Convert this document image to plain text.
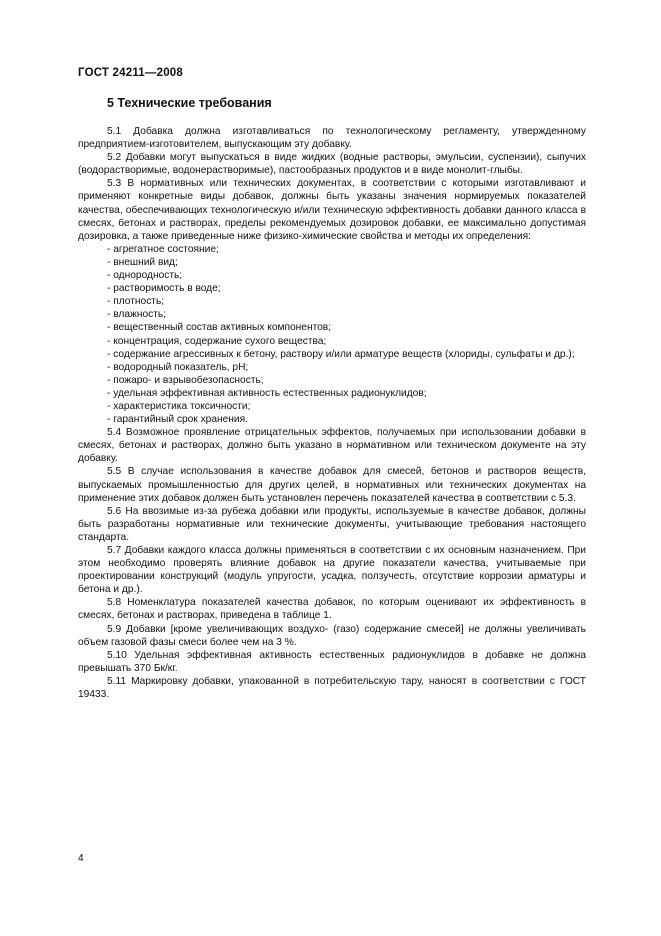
ГОСТ 24211—2008
5 Технические требования

5.1 Добавка должна изготавливаться по технологическому регламенту, утвержденному предприятием-изготовителем, выпускающим эту добавку.

5.2 Добавки могут выпускаться в виде жидких (водные растворы, эмульсии, суспензии), сыпучих (водорастворимые, водонерастворимые), пастообразных продуктов и в виде монолит-глыбы.

5.3 В нормативных или технических документах, в соответствии с которыми изготавливают и применяют конкретные виды добавок, должны быть указаны значения нормируемых показателей качества, обеспечивающих технологическую и/или техническую эффективность добавки данного класса в смесях, бетонах и растворах, пределы рекомендуемых дозировок добавки, ее максимально допустимая дозировка, а также приведенные ниже физико-химические свойства и методы их определения:

- агрегатное состояние;

- внешний вид;

- однородность;

- растворимость в воде;

- плотность;

- влажность;

- вещественный состав активных компонентов;

- концентрация, содержание сухого вещества;

- содержание агрессивных к бетону, раствору и/или арматуре веществ (хлориды, сульфаты и др.);

- водородный показатель, pH;

- пожаро- и взрывобезопасность;

- удельная эффективная активность естественных радионуклидов;

- характеристика токсичности;

- гарантийный срок хранения.

5.4 Возможное проявление отрицательных эффектов, получаемых при использовании добавки в смесях, бетонах и растворах, должно быть указано в нормативном или техническом документе на эту добавку.

5.5 В случае использования в качестве добавок для смесей, бетонов и растворов веществ, выпускаемых промышленностью для других целей, в нормативных или технических документах на применение этих добавок должен быть установлен перечень показателей качества в соответствии с 5.3.

5.6 На ввозимые из-за рубежа добавки или продукты, используемые в качестве добавок, должны быть разработаны нормативные или технические документы, учитывающие требования настоящего стандарта.

5.7 Добавки каждого класса должны применяться в соответствии с их основным назначением. При этом необходимо проверять влияние добавок на другие показатели качества, учитываемые при проектировании конструкций (модуль упругости, усадка, ползучесть, отсутствие коррозии арматуры и бетона и др.).

5.8 Номенклатура показателей качества добавок, по которым оценивают их эффективность в смесях, бетонах и растворах, приведена в таблице 1.

5.9 Добавки [кроме увеличивающих воздухо- (газо) содержание смесей] не должны увеличивать объем газовой фазы смеси более чем на 3 %.

5.10 Удельная эффективная активность естественных радионуклидов в добавке не должна превышать 370 Бк/кг.

5.11 Маркировку добавки, упакованной в потребительскую тару, наносят в соответствии с ГОСТ 19433.

4
